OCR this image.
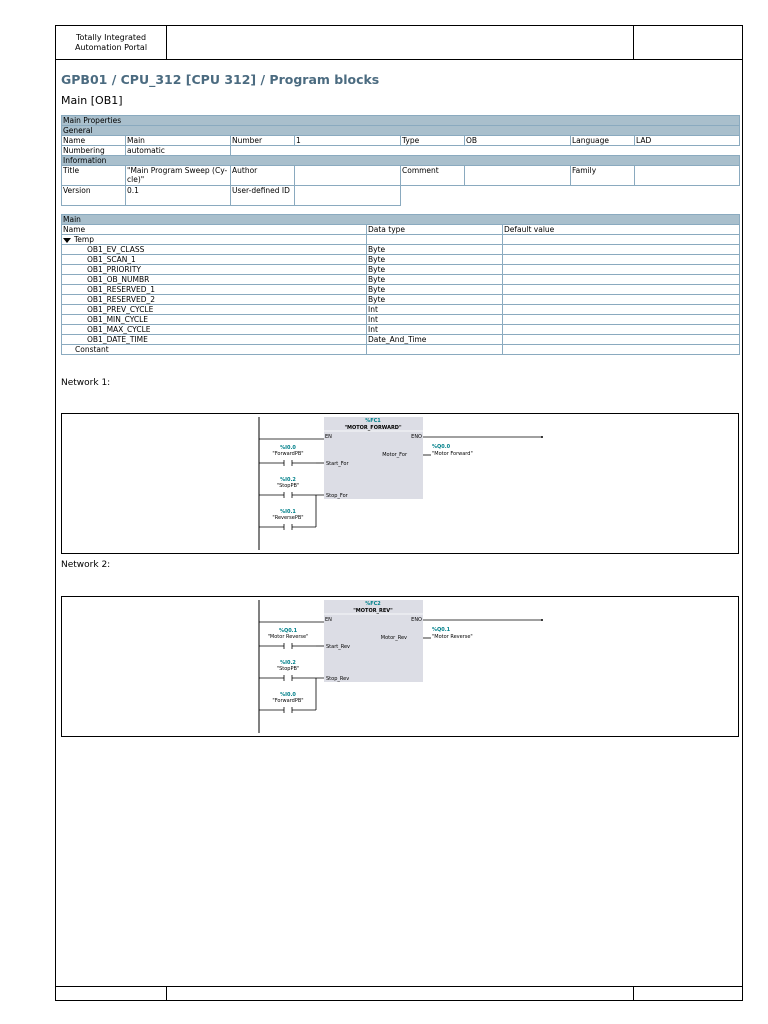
Totally Integrated
Automation Portal
GPB01 / CPU_312 [CPU 312] / Program blocks
Main [OB1]
Main Properties							
General							
Name	Main	Number	1	Type	OB	Language	LAD
Numbering	automatic						
Information							
Title	"Main Program Sweep (Cy-cle)"	Author		Comment		Family	
Version	0.1	User-defined ID					
Main		
Name	Data type	Default value
Temp		
OB1_EV_CLASS	Byte	
OB1_SCAN_1	Byte	
OB1_PRIORITY	Byte	
OB1_OB_NUMBR	Byte	
OB1_RESERVED_1	Byte	
OB1_RESERVED_2	Byte	
OB1_PREV_CYCLE	Int	
OB1_MIN_CYCLE	Int	
OB1_MAX_CYCLE	Int	
OB1_DATE_TIME	Date_And_Time	
Constant		
Network 1:
%FC1
"MOTOR_FORWARD"
EN	ENO
Motor_For
%Q0.0
"Motor Forward"
%I0.0
"ForwardPB"
%I0.2
"StopPB"
%I0.1
"ReversePB"
Start_For
Stop_For
Network 2:
%FC2
"MOTOR_REV"
EN	ENO
Motor_Rev
%Q0.1
"Motor Reverse"
%Q0.1
"Motor Reverse"
%I0.2
"StopPB"
%I0.0
"ForwardPB"
Start_Rev
Stop_Rev
